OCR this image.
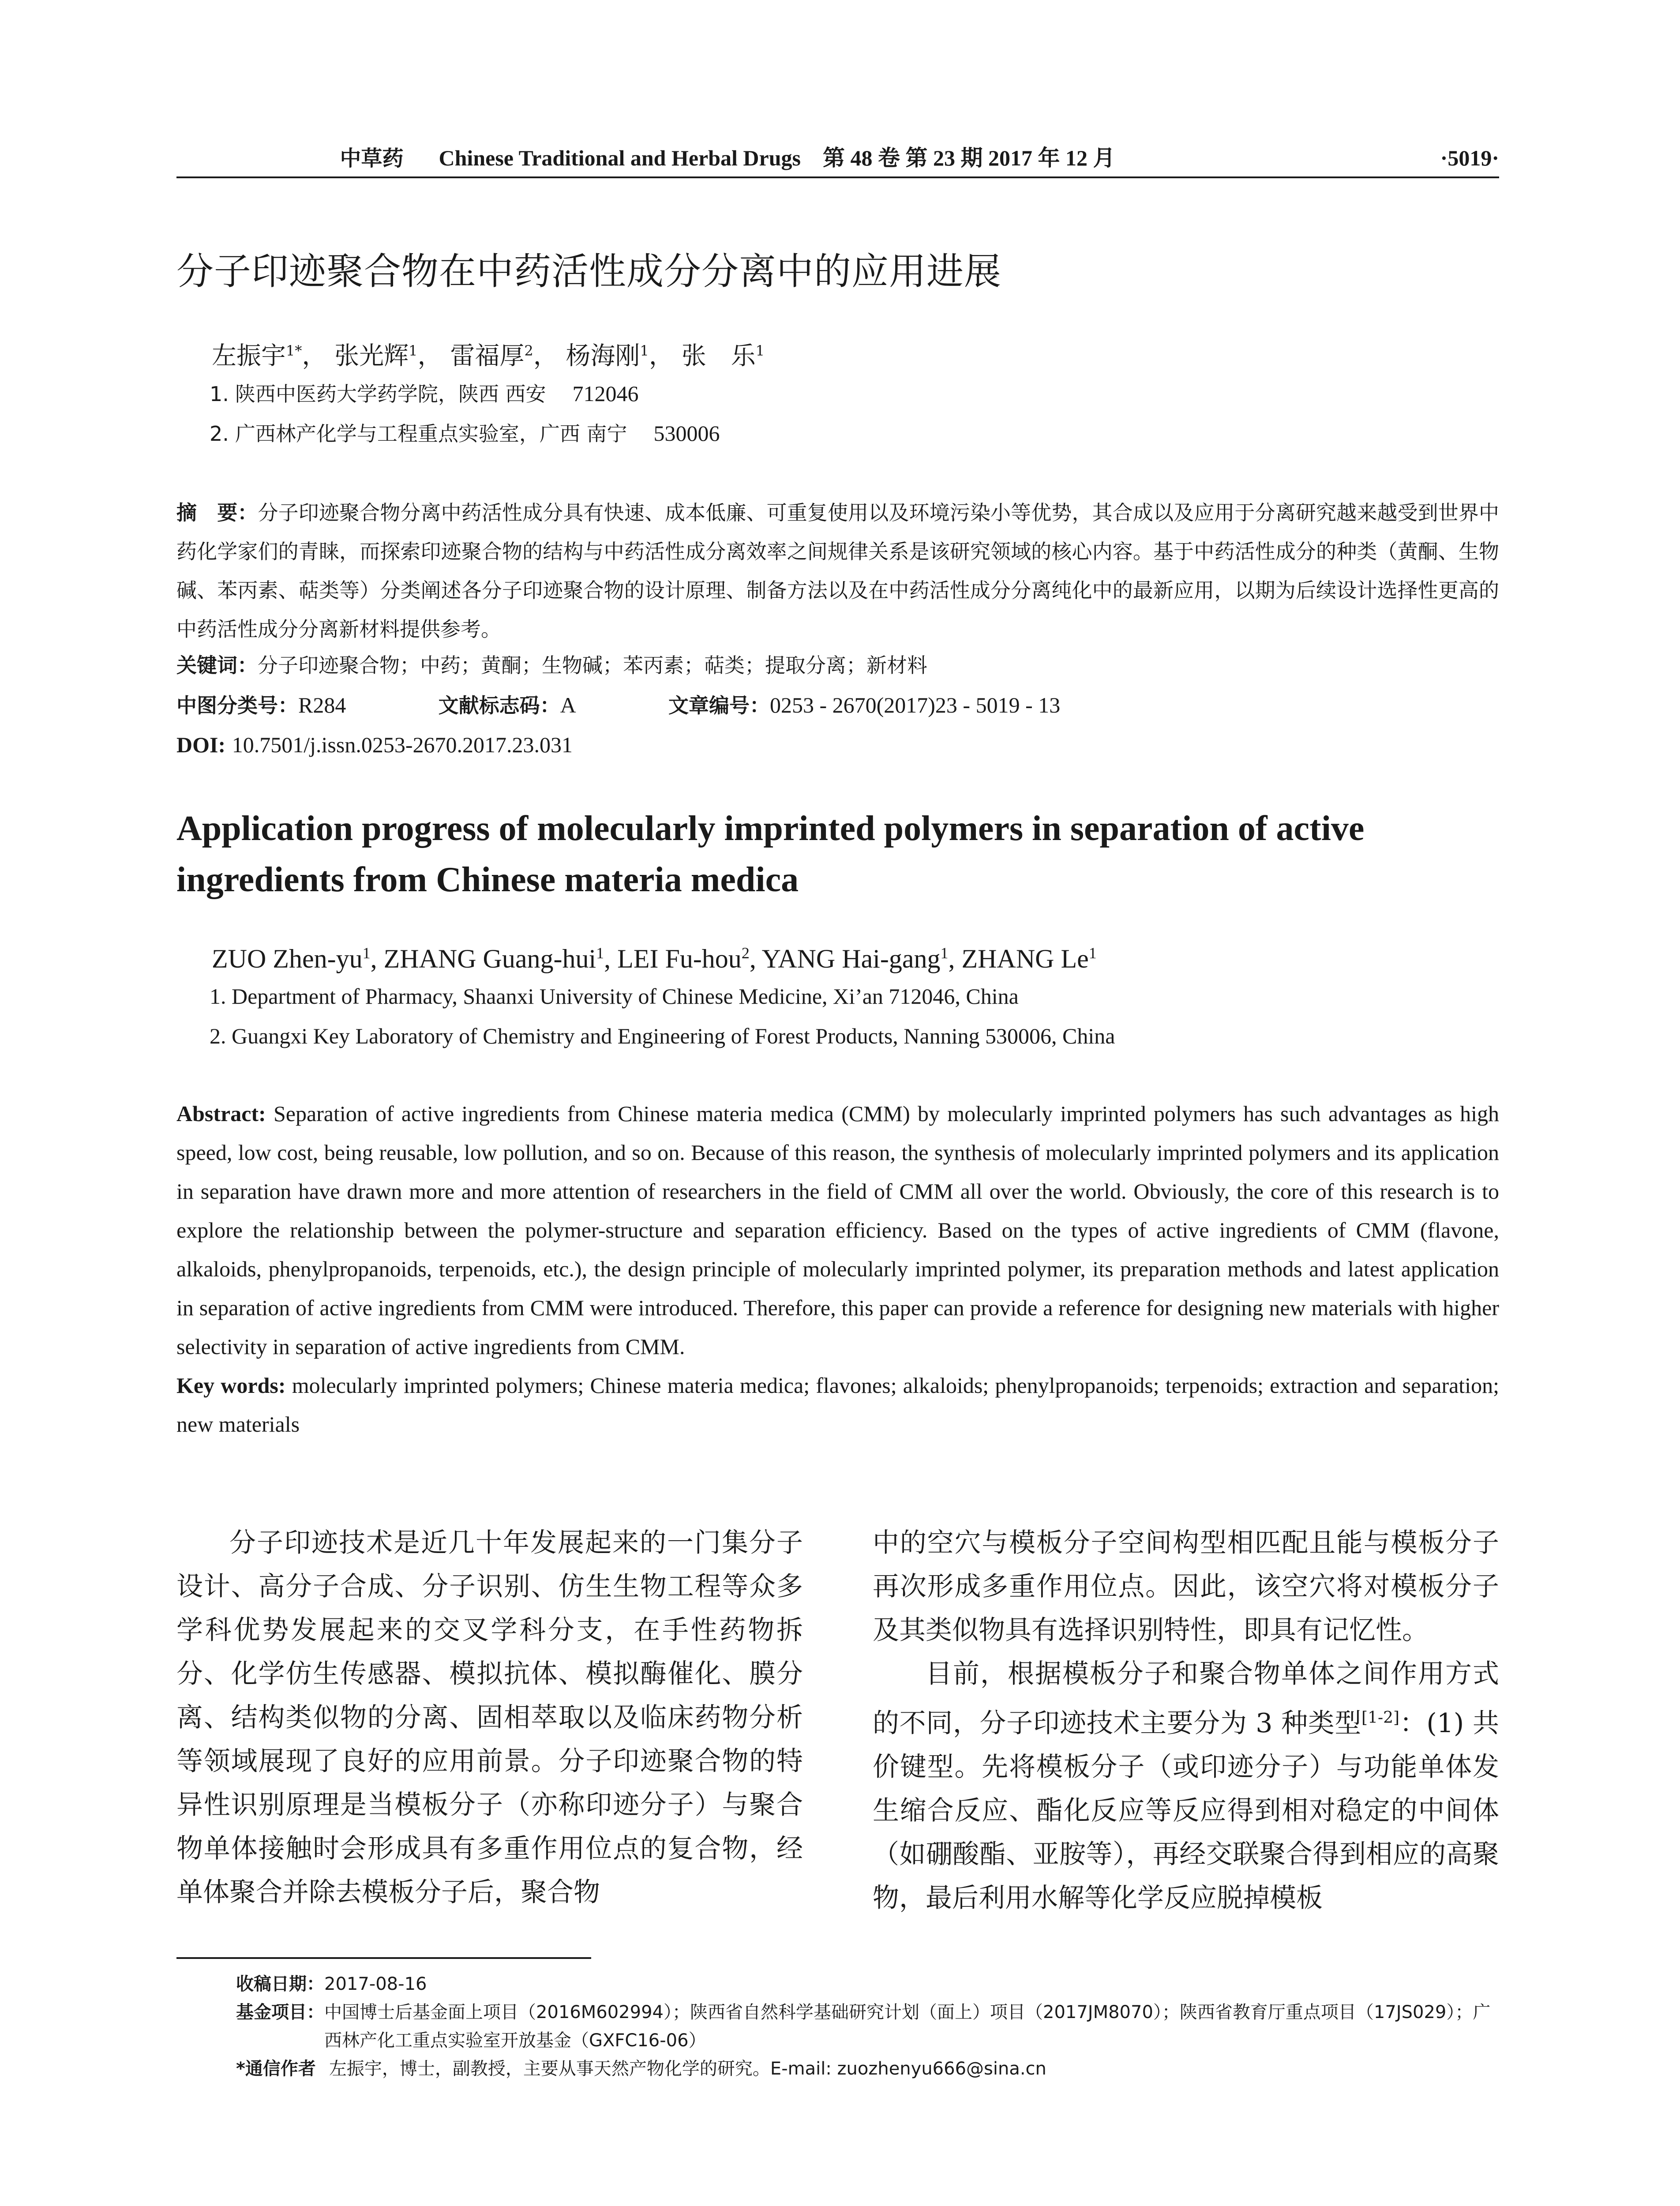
中草药 Chinese Traditional and Herbal Drugs　第 48 卷 第 23 期 2017 年 12 月	·5019·
分子印迹聚合物在中药活性成分分离中的应用进展
左振宇$^{1*}$， 张光辉$^1$， 雷福厚$^2$， 杨海刚$^1$， 张　乐$^1$
1. 陕西中医药大学药学院，陕西 西安 712046
2. 广西林产化学与工程重点实验室，广西 南宁 530006
摘　要：分子印迹聚合物分离中药活性成分具有快速、成本低廉、可重复使用以及环境污染小等优势，其合成以及应用于分离研究越来越受到世界中药化学家们的青睐，而探索印迹聚合物的结构与中药活性成分离效率之间规律关系是该研究领域的核心内容。基于中药活性成分的种类（黄酮、生物碱、苯丙素、萜类等）分类阐述各分子印迹聚合物的设计原理、制备方法以及在中药活性成分分离纯化中的最新应用，以期为后续设计选择性更高的中药活性成分分离新材料提供参考。
关键词：分子印迹聚合物；中药；黄酮；生物碱；苯丙素；萜类；提取分离；新材料
中图分类号：R284	文献标志码：A	文章编号：0253 - 2670(2017)23 - 5019 - 13
DOI: 10.7501/j.issn.0253-2670.2017.23.031
Application progress of molecularly imprinted polymers in separation of active ingredients from Chinese materia medica
ZUO Zhen-$yu^1$, ZHANG Guang-hui$^1$, LEI Fu-hou$^2$, YANG Hai-gang$^1$, ZHANG Le$^1$
1. Department of Pharmacy, Shaanxi University of Chinese Medicine, Xi’an 712046, China
2. Guangxi Key Laboratory of Chemistry and Engineering of Forest Products, Nanning 530006, China
Abstract: Separation of active ingredients from Chinese materia medica (CMM) by molecularly imprinted polymers has such advantages as high speed, low cost, being reusable, low pollution, and so on. Because of this reason, the synthesis of molecularly imprinted polymers and its application in separation have drawn more and more attention of researchers in the field of CMM all over the world. Obviously, the core of this research is to explore the relationship between the polymer-structure and separation efficiency. Based on the types of active ingredients of CMM (flavone, alkaloids, phenylpropanoids, terpenoids, etc.), the design principle of molecularly imprinted polymer, its preparation methods and latest application in separation of active ingredients from CMM were introduced. Therefore, this paper can provide a reference for designing new materials with higher selectivity in separation of active ingredients from CMM.
Key words: molecularly imprinted polymers; Chinese materia medica; flavones; alkaloids; phenylpropanoids; terpenoids; extraction and separation; new materials

分子印迹技术是近几十年发展起来的一门集分子设计、高分子合成、分子识别、仿生生物工程等众多学科优势发展起来的交叉学科分支，在手性药物拆分、化学仿生传感器、模拟抗体、模拟酶催化、膜分离、结构类似物的分离、固相萃取以及临床药物分析等领域展现了良好的应用前景。分子印迹聚合物的特异性识别原理是当模板分子（亦称印迹分子）与聚合物单体接触时会形成具有多重作用位点的复合物，经单体聚合并除去模板分子后，聚合物

中的空穴与模板分子空间构型相匹配且能与模板分子再次形成多重作用位点。因此，该空穴将对模板分子及其类似物具有选择识别特性，即具有记忆性。

目前，根据模板分子和聚合物单体之间作用方式的不同，分子印迹技术主要分为 3 种类型[1-2]：(1) 共价键型。先将模板分子（或印迹分子）与功能单体发生缩合反应、酯化反应等反应得到相对稳定的中间体（如硼酸酯、亚胺等），再经交联聚合得到相应的高聚物，最后利用水解等化学反应脱掉模板

收稿日期： 2017-08-16
基金项目： 中国博士后基金面上项目（2016M602994）；陕西省自然科学基础研究计划（面上）项目（2017JM8070）；陕西省教育厅重点项目（17JS029）；广西林产化工重点实验室开放基金（GXFC16-06）
*通信作者 左振宇，博士，副教授，主要从事天然产物化学的研究。E-mail: zuozhenyu666@sina.cn
